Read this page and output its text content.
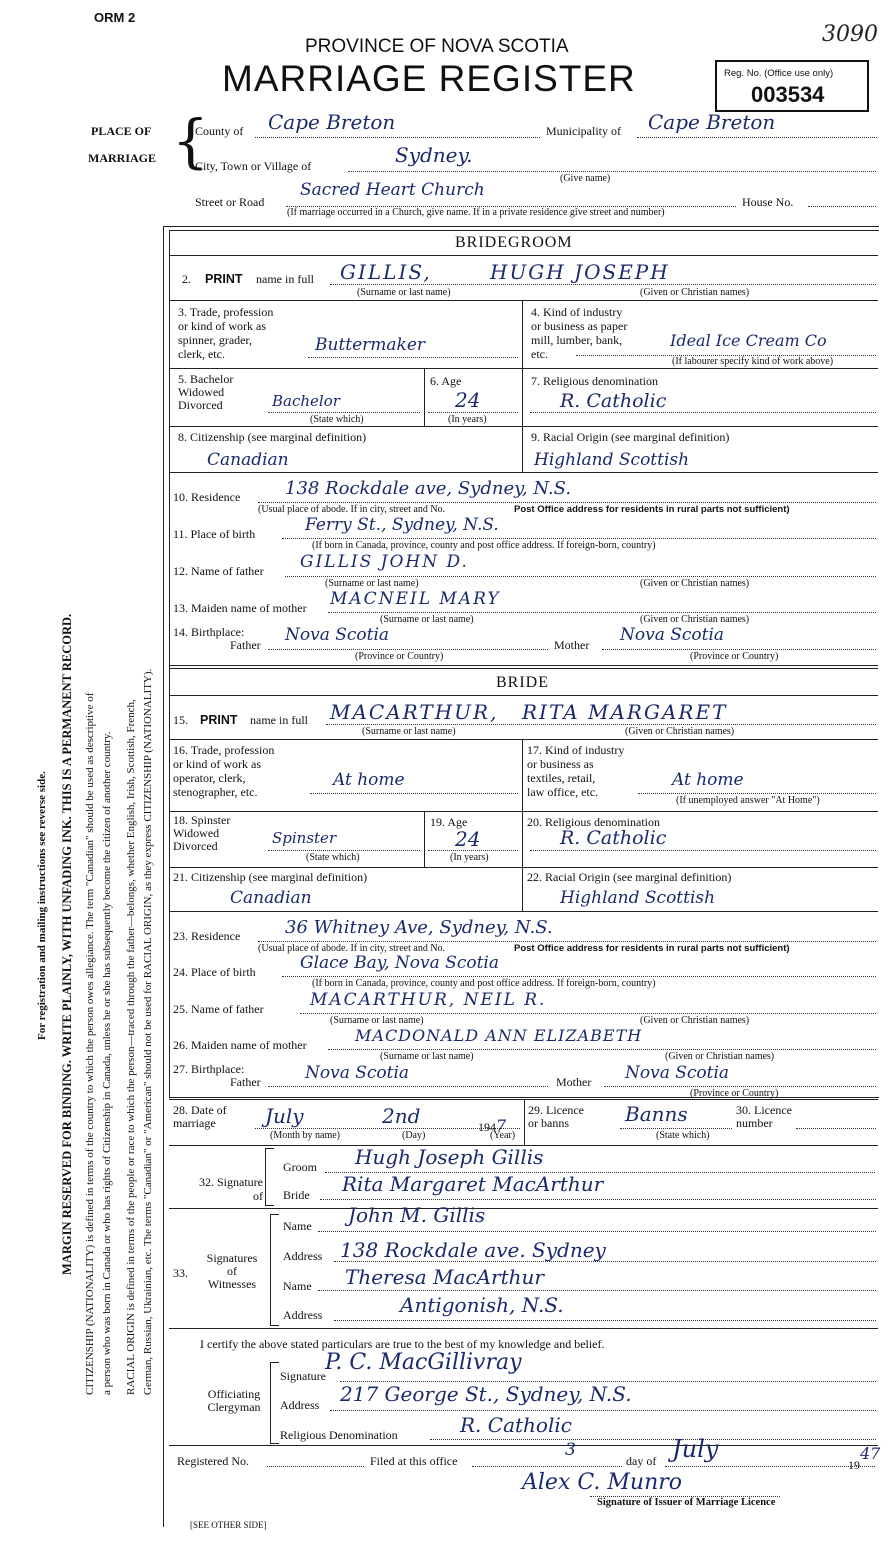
For registration and mailing instructions see reverse side. MARGIN RESERVED FOR BINDING. WRITE PLAINLY, WITH UNFADING INK. THIS IS A PERMANENT RECORD. CITIZENSHIP (NATIONALITY) is defined in terms of the country to which the person owes allegiance. The term "Canadian" should be used as descriptive of a person who was born in Canada or who has rights of Citizenship in Canada, unless he or she has subsequently become the citizen of another country. RACIAL ORIGIN is defined in terms of the people or race to which the person—traced through the father—belongs, whether English, Irish, Scottish, French, German, Russian, Ukrainian, etc. The terms "Canadian" or "American" should not be used for RACIAL ORIGIN, as they express CITIZENSHIP (NATIONALITY).
ORM 2
3090
PROVINCE OF NOVA SCOTIA
MARRIAGE REGISTER	Reg. No. (Office use only)
003534
PLACE OF
MARRIAGE {
County of Cape Breton	Municipality of Cape Breton
City, Town or Village of	Sydney.
(Give name)
Street or Road
Sacred Heart Church
House No.
(If marriage occurred in a Church, give name. If in a private residence give street and number)
BRIDEGROOM
2. PRINT name in full GILLIS,	HUGH JOSEPH
(Surname or last name)	(Given or Christian names)
3. Trade, profession
or kind of work as
spinner, grader,
clerk, etc.	Buttermaker
4. Kind of industry
or business as paper
mill, lumber, bank,
etc.
Ideal Ice Cream Co
(If labourer specify kind of work above)
5. Bachelor
Widowed
Divorced	Bachelor
(State which)
6. Age
24
(In years)
7. Religious denomination
R. Catholic
8. Citizenship (see marginal definition)
Canadian
9. Racial Origin (see marginal definition)
Highland Scottish
10. Residence 138 Rockdale ave, Sydney, N.S.
(Usual place of abode. If in city, street and No.	Post Office address for residents in rural parts not sufficient)
11. Place of birth	Ferry St., Sydney, N.S.
(If born in Canada, province, county and post office address. If foreign-born, country)
12. Name of father GILLIS JOHN D.
(Surname or last name)	(Given or Christian names)
13. Maiden name of mother MACNEIL MARY
(Surname or last name)	(Given or Christian names)
14. Birthplace:
Father Nova Scotia
(Province or Country)
Mother Nova Scotia
(Province or Country)
BRIDE
15. PRINT name in full MACARTHUR, RITA MARGARET
(Surname or last name)	(Given or Christian names)
16. Trade, profession
or kind of work as
operator, clerk,
stenographer, etc.
At home
17. Kind of industry
or business as
textiles, retail,
law office, etc.
At home
(If unemployed answer "At Home")
18. Spinster
Widowed
Divorced	Spinster
(State which)
19. Age
24
(In years)
20. Religious denomination
R. Catholic
21. Citizenship (see marginal definition)
Canadian
22. Racial Origin (see marginal definition)
Highland Scottish
23. Residence 36 Whitney Ave, Sydney, N.S.
(Usual place of abode. If in city, street and No.	Post Office address for residents in rural parts not sufficient)
24. Place of birth	Glace Bay, Nova Scotia
(If born in Canada, province, county and post office address. If foreign-born, country)
25. Name of father	MACARTHUR, NEIL R.
(Surname or last name)	(Given or Christian names)
26. Maiden name of mother	MACDONALD ANN ELIZABETH
(Surname or last name)	(Given or Christian names)
27. Birthplace:
Father	Nova Scotia	Mother Nova Scotia
(Province or Country)
28. Date of
marriage	July	2nd	1947
(Month by name)	(Day)	(Year)
29. Licence
or banns	Banns
(State which)
30. Licence
number
32. Signature
of
Groom Hugh Joseph Gillis
Bride Rita Margaret MacArthur
33.
Signatures
of
Witnesses
Name John M. Gillis
Address 138 Rockdale ave. Sydney
Name Theresa MacArthur
Address	Antigonish, N.S.
I certify the above stated particulars are true to the best of my knowledge and belief.
Officiating
Clergyman
Signature
P. C. MacGillivray
Address 217 George St., Sydney, N.S.
Religious Denomination	R. Catholic
Registered No.	Filed at this office
3
day of July
1947
Alex C. Munro
Signature of Issuer of Marriage Licence
[SEE OTHER SIDE]
